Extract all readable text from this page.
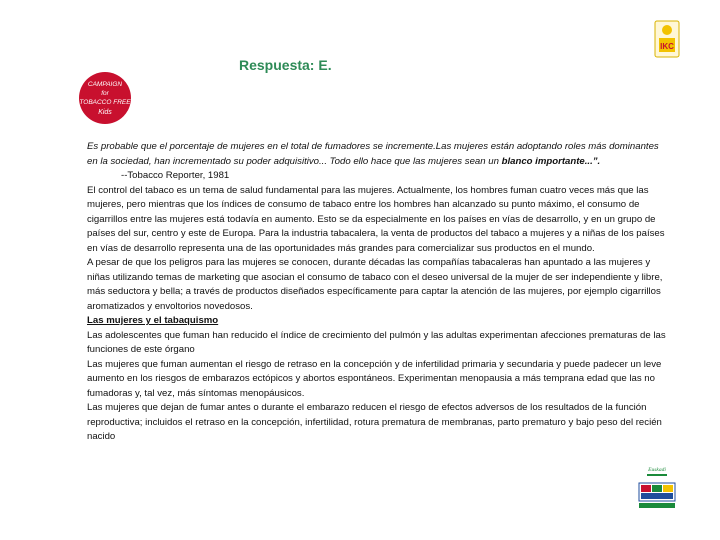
Respuesta: E.
CAMPAIGN
for
TOBACCO FREE
Kids
IKC
Euskadi

Es probable que el porcentaje de mujeres en el total de fumadores se incremente.Las mujeres están adoptando roles más dominantes en la sociedad, han incrementado su poder adquisitivo... Todo ello hace que las mujeres sean un blanco importante...”. --Tobacco Reporter, 1981

El control del tabaco es un tema de salud fundamental para las mujeres. Actualmente, los hombres fuman cuatro veces más que las mujeres, pero mientras que los índices de consumo de tabaco entre los hombres han alcanzado su punto máximo, el consumo de cigarrillos entre las mujeres está todavía en aumento. Esto se da especialmente en los países en vías de desarrollo, y en un grupo de países del sur, centro y este de Europa. Para la industria tabacalera, la venta de productos del tabaco a mujeres y a niñas de los países en vías de desarrollo representa una de las oportunidades más grandes para comercializar sus productos en el mundo.

A pesar de que los peligros para las mujeres se conocen, durante décadas las compañías tabacaleras han apuntado a las mujeres y niñas utilizando temas de marketing que asocian el consumo de tabaco con el deseo universal de la mujer de ser independiente y libre, más seductora y bella; a través de productos diseñados específicamente para captar la atención de las mujeres, por ejemplo cigarrillos aromatizados y envoltorios novedosos.

Las mujeres y el tabaquismo

Las adolescentes que fuman han reducido el índice de crecimiento del pulmón y las adultas experimentan afecciones prematuras de las funciones de este órgano

Las mujeres que fuman aumentan el riesgo de retraso en la concepción y de infertilidad primaria y secundaria y puede padecer un leve aumento en los riesgos de embarazos ectópicos y abortos espontáneos. Experimentan menopausia a más temprana edad que las no fumadoras y, tal vez, más síntomas menopáusicos.

Las mujeres que dejan de fumar antes o durante el embarazo reducen el riesgo de efectos adversos de los resultados de la función reproductiva; incluidos el retraso en la concepción, infertilidad, rotura prematura de membranas, parto prematuro y bajo peso del recién nacido
